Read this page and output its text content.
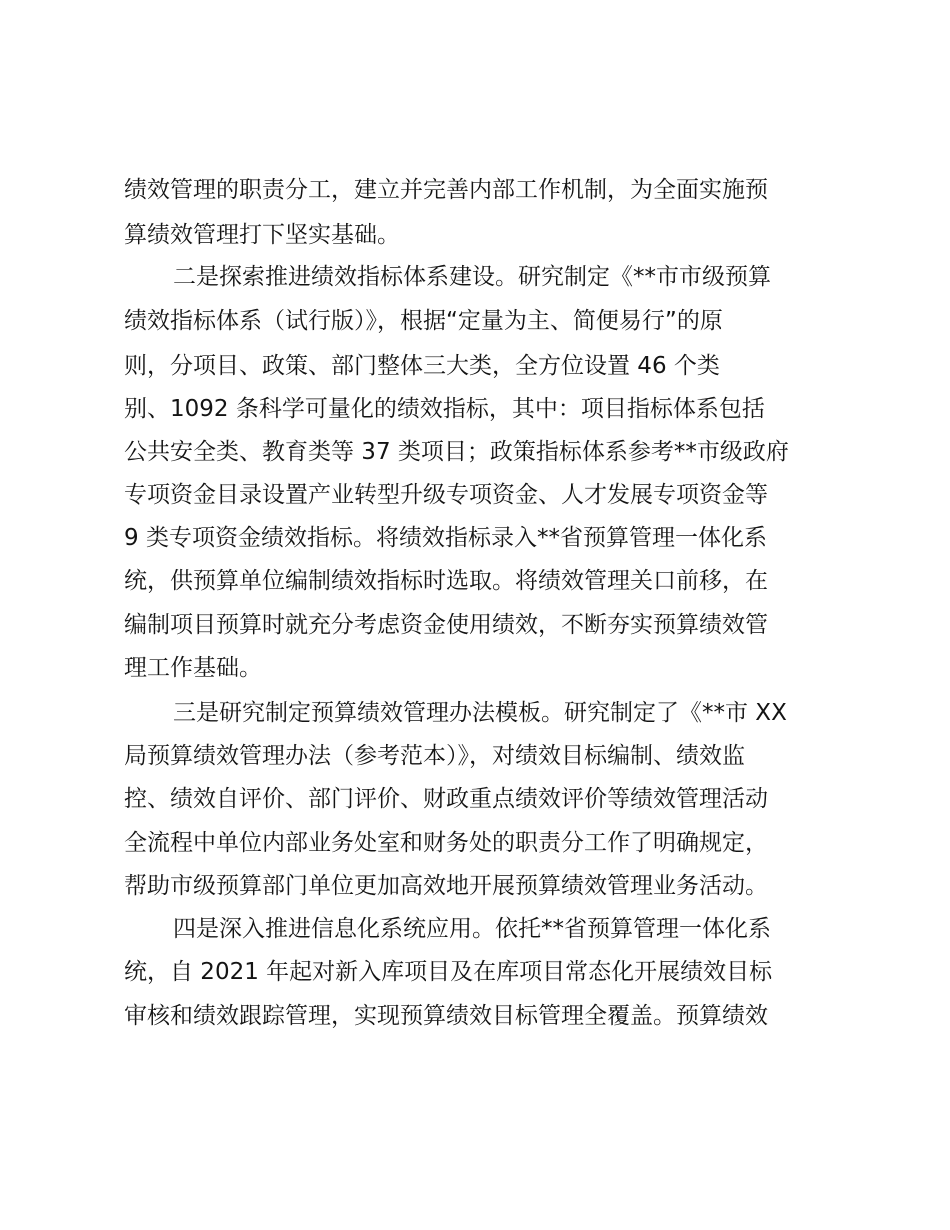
绩效管理的职责分工，建立并完善内部工作机制，为全面实施预
算绩效管理打下坚实基础。
二是探索推进绩效指标体系建设。研究制定《**市市级预算
绩效指标体系（试行版）》，根据“定量为主、简便易行”的原
则，分项目、政策、部门整体三大类，全方位设置 46 个类
别、1092 条科学可量化的绩效指标，其中：项目指标体系包括
公共安全类、教育类等 37 类项目；政策指标体系参考**市级政府
专项资金目录设置产业转型升级专项资金、人才发展专项资金等
9 类专项资金绩效指标。将绩效指标录入**省预算管理一体化系
统，供预算单位编制绩效指标时选取。将绩效管理关口前移，在
编制项目预算时就充分考虑资金使用绩效，不断夯实预算绩效管
理工作基础。
三是研究制定预算绩效管理办法模板。研究制定了《**市 XX
局预算绩效管理办法（参考范本）》，对绩效目标编制、绩效监
控、绩效自评价、部门评价、财政重点绩效评价等绩效管理活动
全流程中单位内部业务处室和财务处的职责分工作了明确规定，
帮助市级预算部门单位更加高效地开展预算绩效管理业务活动。
四是深入推进信息化系统应用。依托**省预算管理一体化系
统，自 2021 年起对新入库项目及在库项目常态化开展绩效目标
审核和绩效跟踪管理，实现预算绩效目标管理全覆盖。预算绩效
